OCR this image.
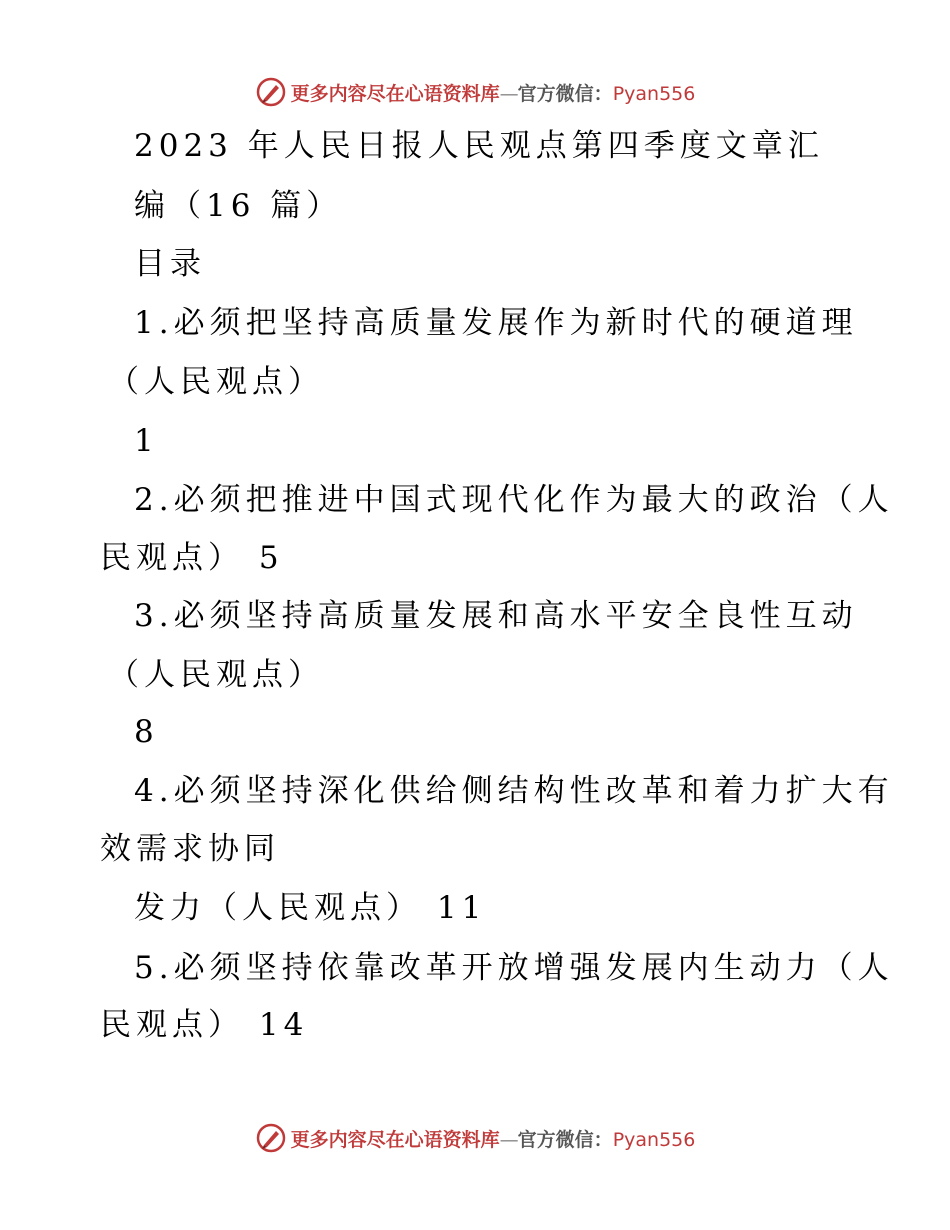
更多内容尽在心语资料库—官方微信：Pyan556
2023 年人民日报人民观点第四季度文章汇
编（16 篇）
目录
1.必须把坚持高质量发展作为新时代的硬道理
（人民观点）
1
2.必须把推进中国式现代化作为最大的政治（人
民观点） 5
3.必须坚持高质量发展和高水平安全良性互动
（人民观点）
8
4.必须坚持深化供给侧结构性改革和着力扩大有
效需求协同
发力（人民观点） 11
5.必须坚持依靠改革开放增强发展内生动力（人
民观点） 14
更多内容尽在心语资料库—官方微信：Pyan556
